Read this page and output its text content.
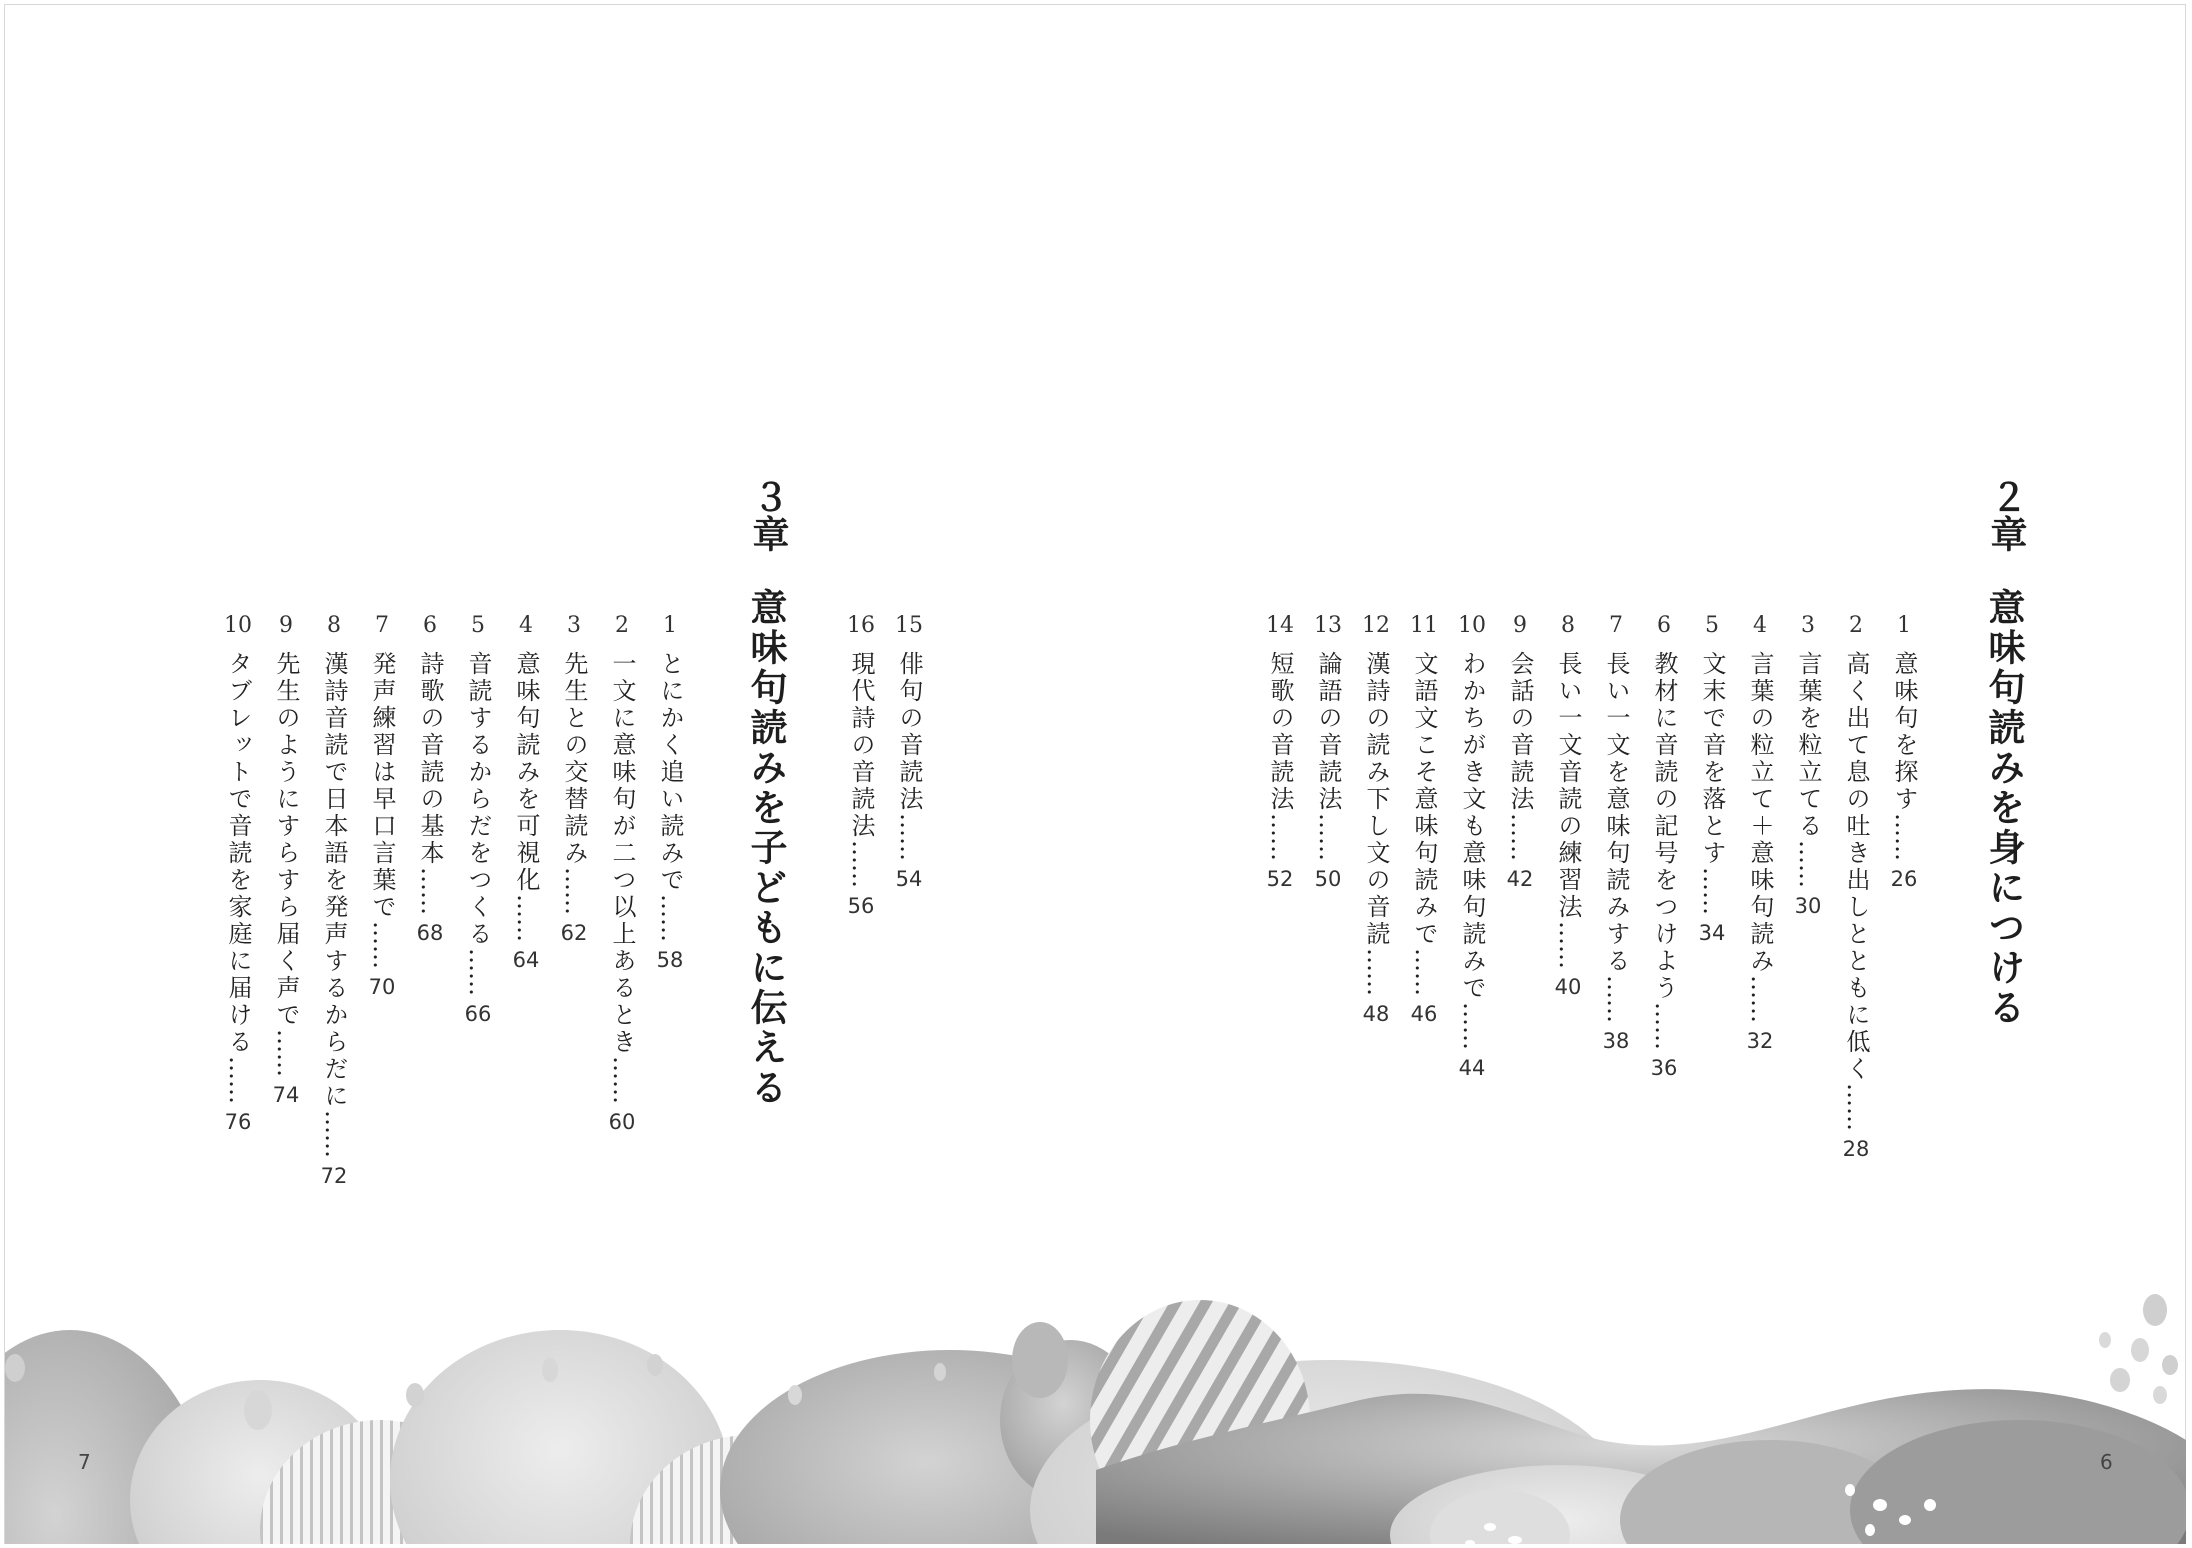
２章
意味句読みを身につける
1
意味句を探す……
26
2
高く出て息の吐き出しとともに低く……
28
3
言葉を粒立てる……
30
4
言葉の粒立て＋意味句読み……
32
5
文末で音を落とす……
34
6
教材に音読の記号をつけよう……
36
7
長い一文を意味句読みする……
38
8
長い一文音読の練習法……
40
9
会話の音読法……
42
10
わかちがき文も意味句読みで……
44
11
文語文こそ意味句読みで……
46
12
漢詩の読み下し文の音読……
48
13
論語の音読法……
50
14
短歌の音読法……
52
15
俳句の音読法……
54
16
現代詩の音読法……
56
３章
意味句読みを子どもに伝える
1
とにかく追い読みで……
58
2
一文に意味句が二つ以上あるとき……
60
3
先生との交替読み……
62
4
意味句読みを可視化……
64
5
音読するからだをつくる……
66
6
詩歌の音読の基本……
68
7
発声練習は早口言葉で……
70
8
漢詩音読で日本語を発声するからだに……
72
9
先生のようにすらすら届く声で……
74
10
タブレットで音読を家庭に届ける……
76
7	6
